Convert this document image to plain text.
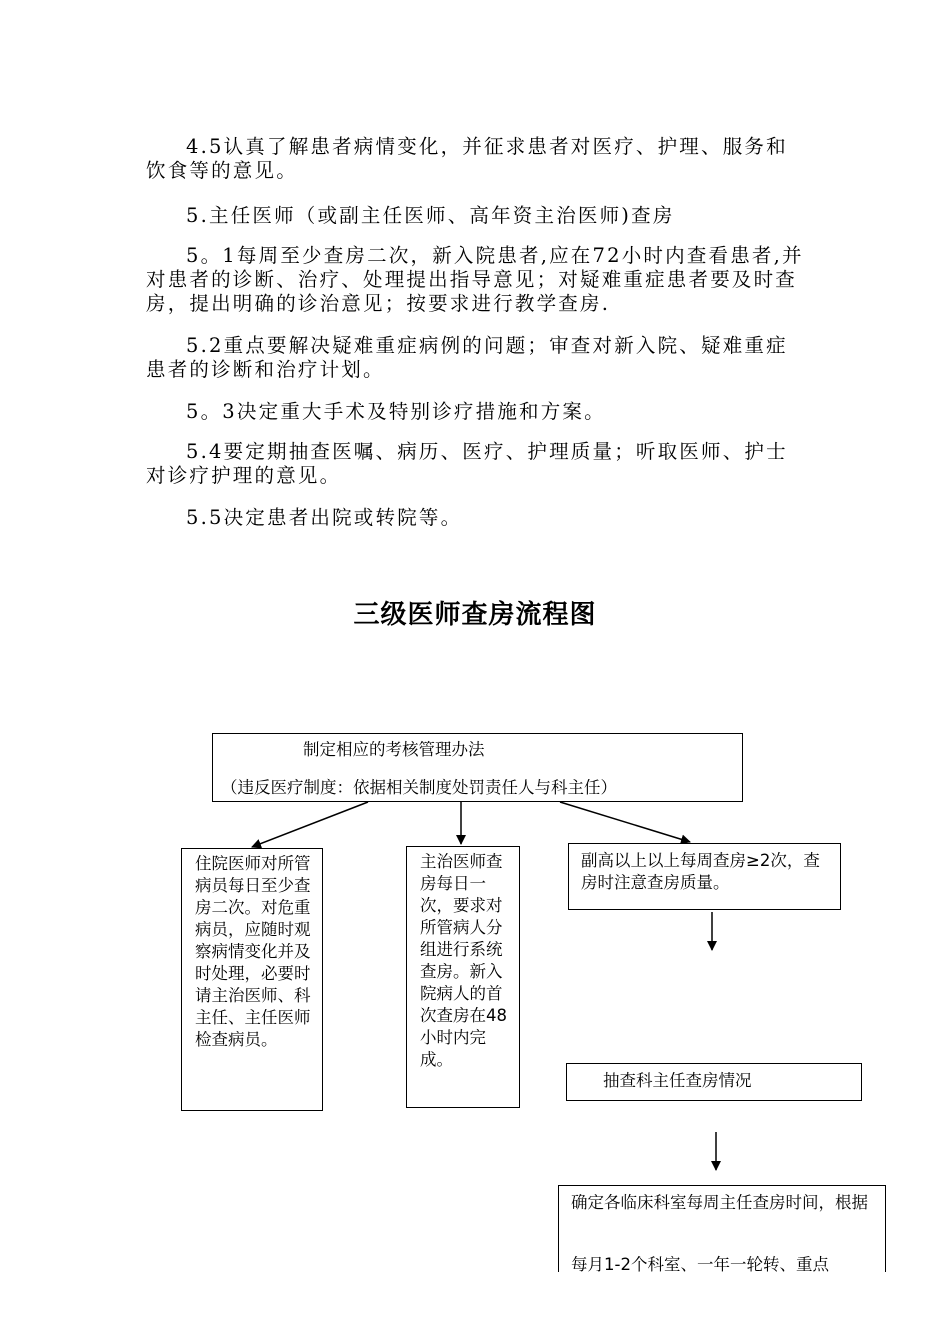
4.5认真了解患者病情变化，并征求患者对医疗、护理、服务和饮食等的意见。

5.主任医师（或副主任医师、高年资主治医师)查房

5。1每周至少查房二次，新入院患者,应在72小时内查看患者,并对患者的诊断、治疗、处理提出指导意见；对疑难重症患者要及时查房，提出明确的诊治意见；按要求进行教学查房.

5.2重点要解决疑难重症病例的问题；审查对新入院、疑难重症患者的诊断和治疗计划。

5。3决定重大手术及特别诊疗措施和方案。

5.4要定期抽查医嘱、病历、医疗、护理质量；听取医师、护士对诊疗护理的意见。

5.5决定患者出院或转院等。

三级医师查房流程图
制定相应的考核管理办法
（违反医疗制度：依据相关制度处罚责任人与科主任）
住院医师对所管病员每日至少查房二次。对危重病员，应随时观察病情变化并及时处理，必要时请主治医师、科主任、主任医师检查病员。
主治医师查房每日一次，要求对所管病人分组进行系统查房。新入院病人的首次查房在48小时内完成。
副高以上以上每周查房≥2次，查房时注意查房质量。
抽查科主任查房情况
确定各临床科室每周主任查房时间，根据
每月1-2个科室、一年一轮转、重点
